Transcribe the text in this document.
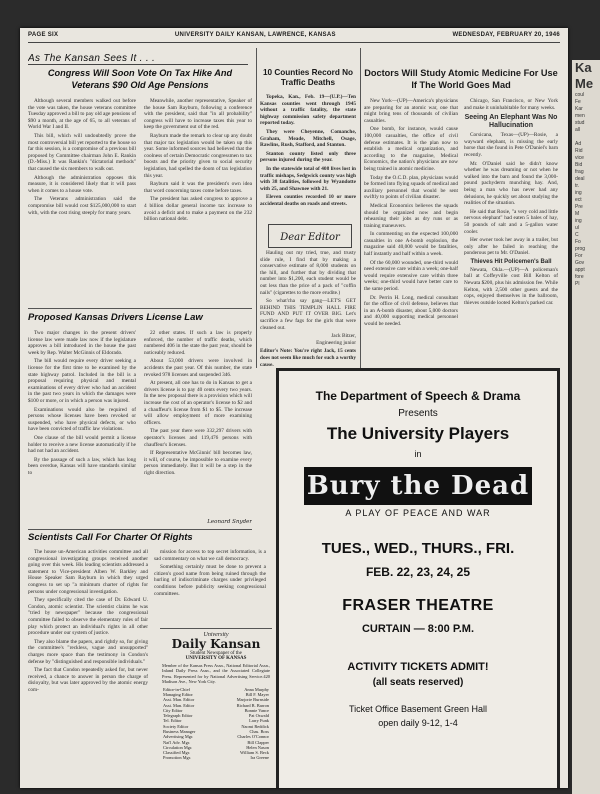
PAGE SIX	UNIVERSITY DAILY KANSAN, LAWRENCE, KANSAS	WEDNESDAY, FEBRUARY 20, 1946
As The Kansan Sees It . . .
Congress Will Soon Vote On Tax Hike And Veterans $90 Old Age Pensions

Although several members walked out before the vote was taken, the house veterans committee Tuesday approved a bill to pay old age pensions of $90 a month, at the age of 65, to all veterans of World War I and II.

This bill, which will undoubtedly prove the most controversial bill yet reported to the house so far this session, is a compromise of a previous bill proposed by Committee chairman John E. Rankin (D.-Miss.) It was Rankin's "dictatorial methods" that caused the six members to walk out.

Although the administration opposes this measure, it is considered likely that it will pass when it comes to a house vote.

The Veterans administration said the compromise bill would cost $125,000,000 to start with, with the cost rising steeply for many years.

Meanwhile, another representative, Speaker of the house Sam Rayburn, following a conference with the president, said that "in all probability" congress will have to increase taxes this year to keep the government out of the red.

Rayburn made the remark to clear up any doubt that major tax legislation would be taken up this year. Some informed sources had believed that the coolness of certain Democratic congressmen to tax boosts and the priority given to social security legislation, had spelled the doom of tax legislation this year.

Rayburn said it was the president's own idea that word concerning taxes come before taxes.

The president has asked congress to approve a 4 billion dollar general income tax increase to avoid a deficit and to make a payment on the 232 billion national debt.

Proposed Kansas Drivers License Law

Two major changes in the present drivers' license law were made law now if the legislature approves a bill introduced in the house the past week by Rep. Walter McGinnis of Eldorado.

The bill would require every driver seeking a license for the first time to be examined by the state highway patrol. Included in the bill is a proposal requiring physical and mental examinations of every driver who had an accident in the past two years in which the damages were $100 or more, or in which a person was injured.

Examinations would also be required of persons whose licenses have been revoked or suspended, who have physical defects, or who have been convicted of traffic law violations.

One clause of the bill would permit a license holder to receive a new license automatically if he had not had an accident.

By the passage of such a law, which has long been overdue, Kansas will have standards similar to

22 other states. If such a law is properly enforced, the number of traffic deaths, which numbered 406 in the state the past year, should be noticeably reduced.

About 53,000 drivers were involved in accidents the past year. Of this number, the state revoked 978 licenses and suspended 346.

At present, all one has to do in Kansas to get a drivers license is to pay 40 cents every two years. In the new proposal there is a provision which will increase the cost of an operator's license to $2 and a chauffeur's license from $1 to $5. The increase will allow employment of more examining officers.

The past year there were 332,297 drivers with operator's licenses and 119,476 persons with chauffeur's licenses.

If Representative McGinnis' bill becomes law, it will, of course, be impossible to examine every person immediately. But it will be a step in the right direction.

Leonard Snyder
Scientists Call For Charter Of Rights

The house un-American activities committee and all congressional investigating groups received another going over this week. His leading scientists addressed a statement to Vice-president Alben W. Barkley and House Speaker Sam Rayburn in which they urged congress to set up "a minimum charter of rights for persons under congressional investigation.

They specifically cited the case of Dr. Edward U. Condon, atomic scientist. The scientist claims he was "tried by newspaper" because the congressional committee failed to observe the elementary rules of fair play which protect an individual's rights in all other procedure under our system of justice.

They also blame the papers, and rightly so, for giving the committee's "reckless, vague and unsupported" charges more space than the testimony in Condon's defense by "distinguished and responsible individuals."

The fact that Condon repeatedly asked for, but never received, a chance to answer in person the charge of disloyalty, but was later approved by the atomic energy com-

mission for access to top secret information, is a sad commentary on what we call democracy.

Something certainly must be done to prevent a citizen's good name from being ruined through the hurling of indiscriminate charges under privileged conditions before publicity seeking congressional committees.

University
Daily Kansan
Student Newspaper of the
UNIVERSITY OF KANSAS
Member of the Kansas Press Assn., National Editorial Assn., Inland Daily Press Assn., and the Associated Collegiate Press. Represented for by National Advertising Service.420 Madison Ave., New York City.
Editor-in-Chief	Anna Murphy
Managing Editor	Bill F. Mayer
Asst. Man. Editor	Marjorie Burnside
Asst. Man. Editor	Richard B. Barron
City Editor	Bonnie Vance
Telegraph Editor	Pat Oswald
Tel. Editor	Larry Funk
Society Editor	Naomi Reddick
Business Manager	Chas. Boss
Advertising Mgr.	Charles O'Connor
Nat'l Adv. Mgr.	Bill Clapper
Circulation Mgr.	Helen Nason
Classified Mgr.	William S. Beck
Promotion Mgr.	Ira Greene
10 Counties Record No Traffic Deaths

Topeka, Kan., Feb. 19—(U.P.)—Ten Kansas counties went through 1945 without a traffic fatality, the state highway commission safety department reported today.

They were Cheyenne, Comanche, Graham, Meade, Mitchell, Osage, Rawlins, Rush, Stafford, and Stanton.

Stanton county listed only three persons injured during the year.

In the statewide total of 408 lives lost in traffic mishaps, Sedgwick county was high with 38 fatalities, followed by Wyandotte with 25, and Shawnee with 21.

Eleven counties recorded 10 or more accidental deaths on roads and streets.

Dear Editor

Hauling out my tried, true, and trusty slide rule, I find that by making a conservative estimate of 8,000 students on the hill, and further that by dividing that number into $1,200, each student would be out less than the price of a pack of "coffin nails" (cigarettes to the more erudite.)

So what'cha say gang—LET'S GET BEHIND THIS TEMPLIN HALL FIRE FUND AND PUT IT OVER BIG. Let's sacrifice a few fags for the girls that were cleaned out.

Jack Bitzer,
Engineering junior
Editor's Note: You're right Jack, 15 cents does not seem like much for such a worthy cause.
Doctors Will Study Atomic Medicine For Use If The World Goes Mad

New York—(UP)—America's physicians are preparing for an atomic war, one that might bring tens of thousands of civilian casualties.

One bomb, for instance, would cause 100,000 casualties, the office of civil defense estimates. It is the plan now to establish a medical organization, and according to the magazine, Medical Economics, the nation's physicians are now being trained in atomic medicine.

Today the O.C.D. plan, physicians would be formed into flying squads of medical and auxiliary personnel that would be sent swiftly to points of civilian disaster.

Medical Economics believes the squads should be organized now and begin rehearsing their jobs as dry runs or as training maneuvers.

In commenting on the expected 100,000 casualties in one A-bomb explosion, the magazine said 40,000 would be fatalities, half instantly and half within a week.

Of the 60,000 wounded, one-third would need extensive care within a week; one-half would require extensive care within three weeks; one-third would have better care to the same period.

Dr. Perrin H. Long, medical consultant for the office of civil defense, believes that in an A-bomb disaster, about 5,000 doctors and 40,000 supporting medical personnel would be needed.

Chicago, San Francisco, or New York and make it uninhabitable for many weeks.

Seeing An Elephant Was No Hallucination

Corsicana, Texas—(UP)—Rosie, a wayward elephant, is missing the early horse that she found in Pete O'Daniel's barn recently.

Mr. O'Daniel said he didn't know whether he was dreaming or not when he walked into the barn and found the 3,000-pound pachyderm munching hay. And, being a man who has never had any delusions, he quickly set about studying the realities of the situation.

He said that Rosie, "a very cold and little nervous elephant" had eaten 5 bales of hay, 50 pounds of salt and a 5-gallon water cooler.

Her owner took her away in a trailer, but only after he failed in reaching the ponderous pet to Mr. O'Daniel.

Thieves Hit Policemen's Ball

Newata, Okla.—(UP)—A policeman's ball at Coffeyville cost Bill Kelton of Newata $200, plus his admission fee. While Kelton, with 2,500 other guests and the cops, enjoyed themselves in the ballroom, thieves outside looted Kelton's parked car.

The Department of Speech & Drama
Presents
The University Players
in
Bury the Dead
A PLAY OF PEACE AND WAR
TUES., WED., THURS., FRI.
FEB. 22, 23, 24, 25
FRASER THEATRE
CURTAIN — 8:00 P.M.
ACTIVITY TICKETS ADMIT!
(all seats reserved)
Ticket Office Basement Green Hall
open daily 9-12, 1-4
Ka
Me
coul
Fe
Kar
men
stud
all

Ad
Rid
vice
Bid
frag
deal
tr.
ing
ect
Pre
M
ing
ul
C
Fo
prog
For
Gov
appt
fore
Pl
